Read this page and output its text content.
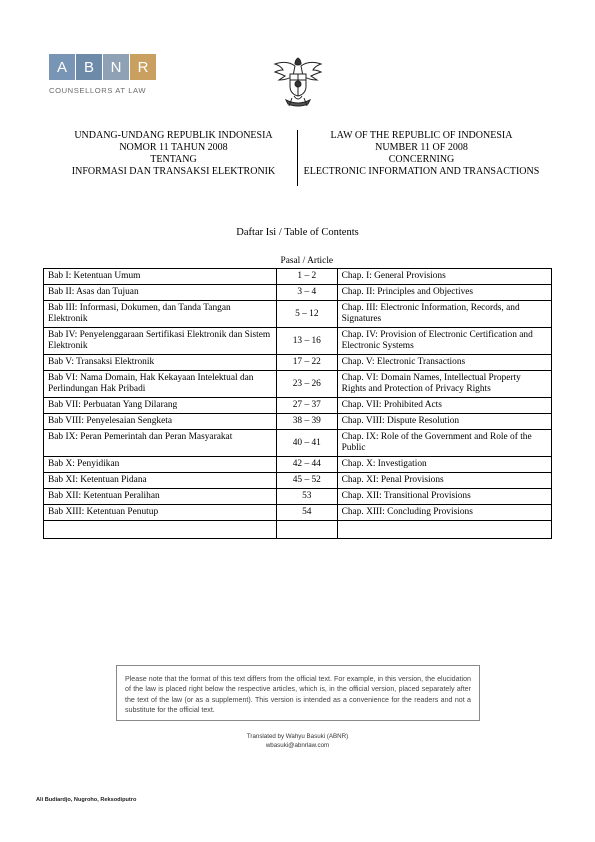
A	B	N	R
COUNSELLORS AT LAW

UNDANG-UNDANG REPUBLIK INDONESIA

NOMOR 11 TAHUN 2008

TENTANG

INFORMASI DAN TRANSAKSI ELEKTRONIK

LAW OF THE REPUBLIC OF INDONESIA

NUMBER 11 OF 2008

CONCERNING

ELECTRONIC INFORMATION AND TRANSACTIONS

Daftar Isi / Table of Contents
	Pasal / Article	
Bab I: Ketentuan Umum	1 – 2	Chap. I: General Provisions
Bab II: Asas dan Tujuan	3 – 4	Chap. II: Principles and Objectives
Bab III: Informasi, Dokumen, dan Tanda Tangan Elektronik	5 – 12	Chap. III: Electronic Information, Records, and Signatures
Bab IV: Penyelenggaraan Sertifikasi Elektronik dan Sistem Elektronik	13 – 16	Chap. IV: Provision of Electronic Certification and Electronic Systems
Bab V: Transaksi Elektronik	17 – 22	Chap. V: Electronic Transactions
Bab VI: Nama Domain, Hak Kekayaan Intelektual dan Perlindungan Hak Pribadi	23 – 26	Chap. VI: Domain Names, Intellectual Property Rights and Protection of Privacy Rights
Bab VII: Perbuatan Yang Dilarang	27 – 37	Chap. VII: Prohibited Acts
Bab VIII: Penyelesaian Sengketa	38 – 39	Chap. VIII: Dispute Resolution
Bab IX: Peran Pemerintah dan Peran Masyarakat	40 – 41	Chap. IX: Role of the Government and Role of the Public
Bab X: Penyidikan	42 – 44	Chap. X: Investigation
Bab XI: Ketentuan Pidana	45 – 52	Chap. XI: Penal Provisions
Bab XII: Ketentuan Peralihan	53	Chap. XII: Transitional Provisions
Bab XIII: Ketentuan Penutup	54	Chap. XIII: Concluding Provisions

Please note that the format of this text differs from the official text. For example, in this version, the elucidation of the law is placed right below the respective articles, which is, in the official version, placed separately after the text of the law (or as a supplement). This version is intended as a convenience for the readers and not a substitute for the official text.

Translated by Wahyu Basuki (ABNR)

wbasuki@abnrlaw.com

Ali Budiardjo, Nugroho, Reksodiputro
